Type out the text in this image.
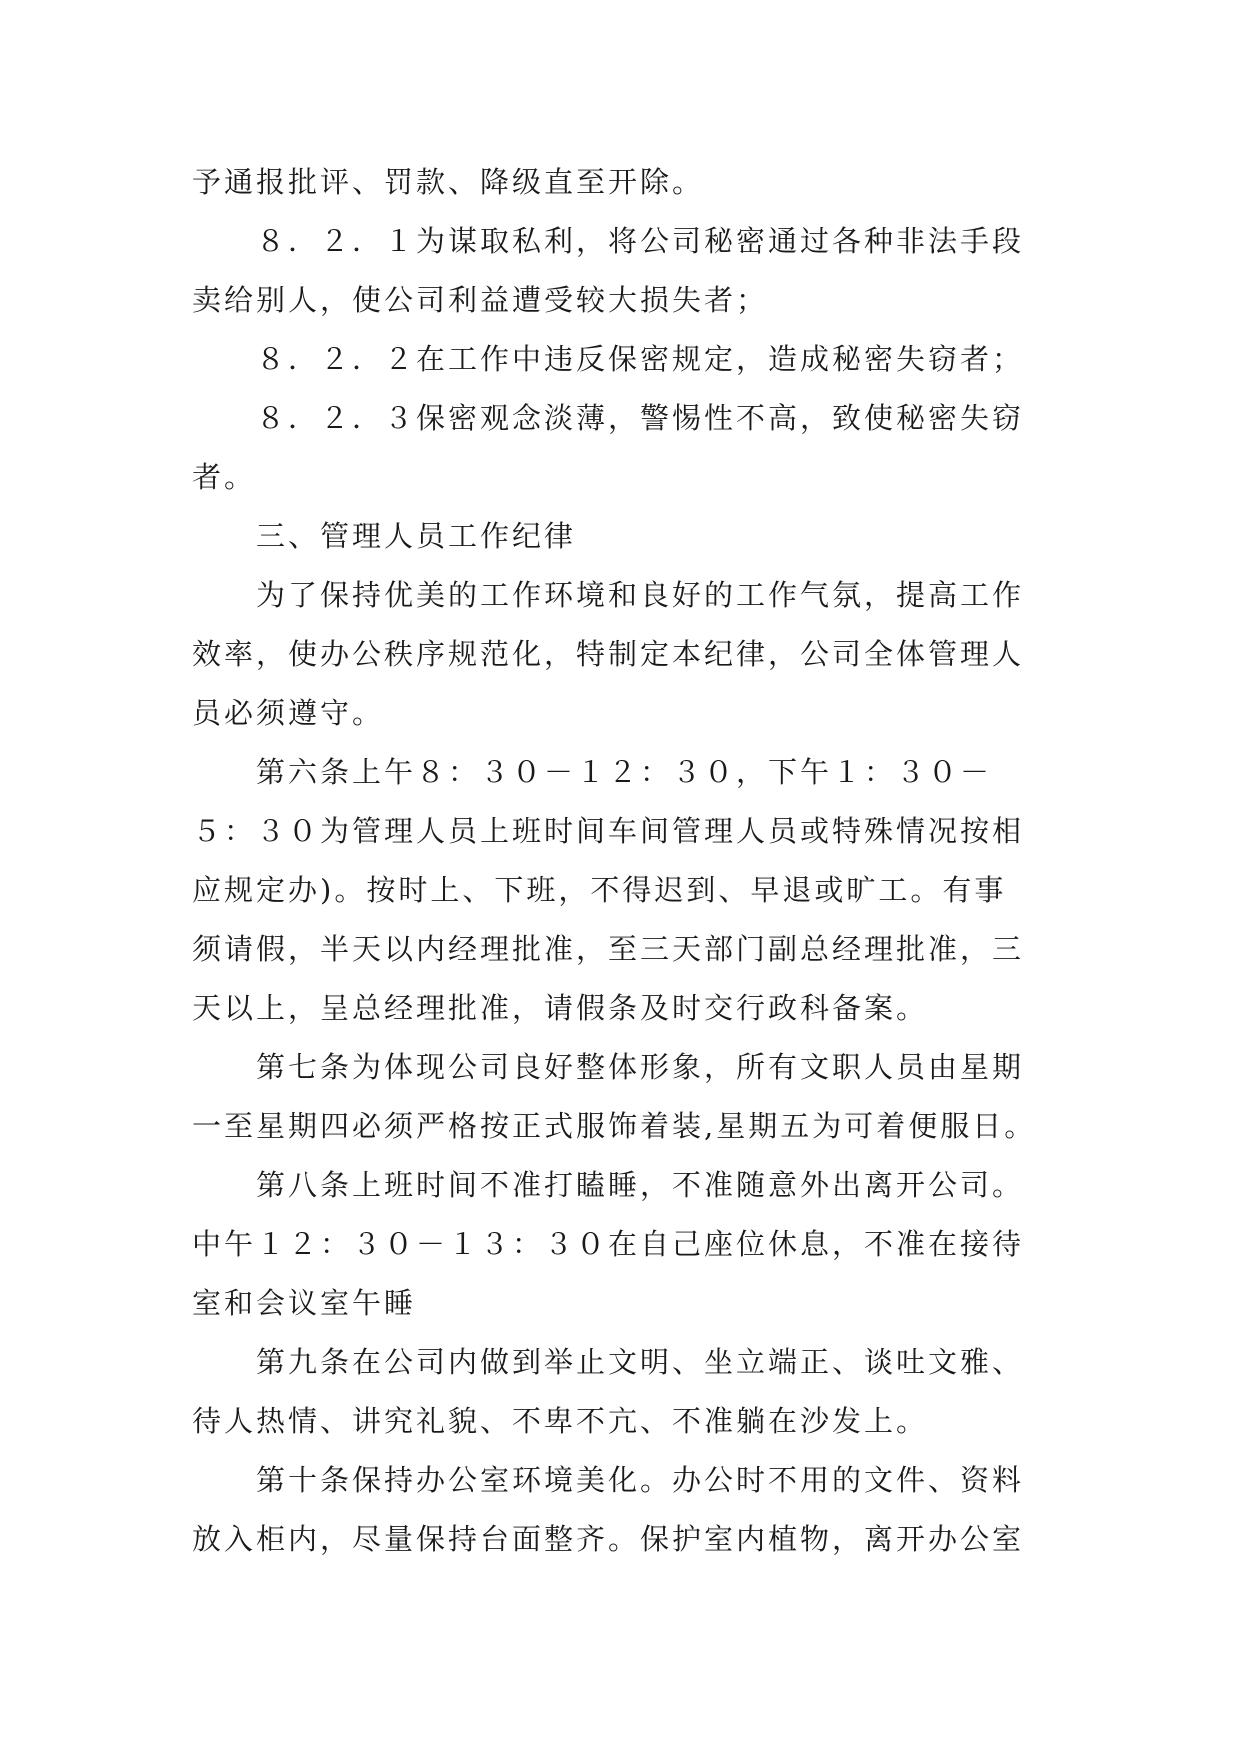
予通报批评、罚款、降级直至开除。

８．２．１为谋取私利，将公司秘密通过各种非法手段

卖给别人，使公司利益遭受较大损失者；

８．２．２在工作中违反保密规定，造成秘密失窃者；

８．２．３保密观念淡薄，警惕性不高，致使秘密失窃

者。

三、管理人员工作纪律

为了保持优美的工作环境和良好的工作气氛，提高工作

效率，使办公秩序规范化，特制定本纪律，公司全体管理人

员必须遵守。

第六条上午８：３０－１２：３０，下午１：３０－

５：３０为管理人员上班时间车间管理人员或特殊情况按相

应规定办)。按时上、下班，不得迟到、早退或旷工。有事

须请假，半天以内经理批准，至三天部门副总经理批准，三

天以上，呈总经理批准，请假条及时交行政科备案。

第七条为体现公司良好整体形象，所有文职人员由星期

一至星期四必须严格按正式服饰着装,星期五为可着便服日。

第八条上班时间不准打瞌睡，不准随意外出离开公司。

中午１２：３０－１３：３０在自己座位休息，不准在接待

室和会议室午睡

第九条在公司内做到举止文明、坐立端正、谈吐文雅、

待人热情、讲究礼貌、不卑不亢、不准躺在沙发上。

第十条保持办公室环境美化。办公时不用的文件、资料

放入柜内，尽量保持台面整齐。保护室内植物，离开办公室
